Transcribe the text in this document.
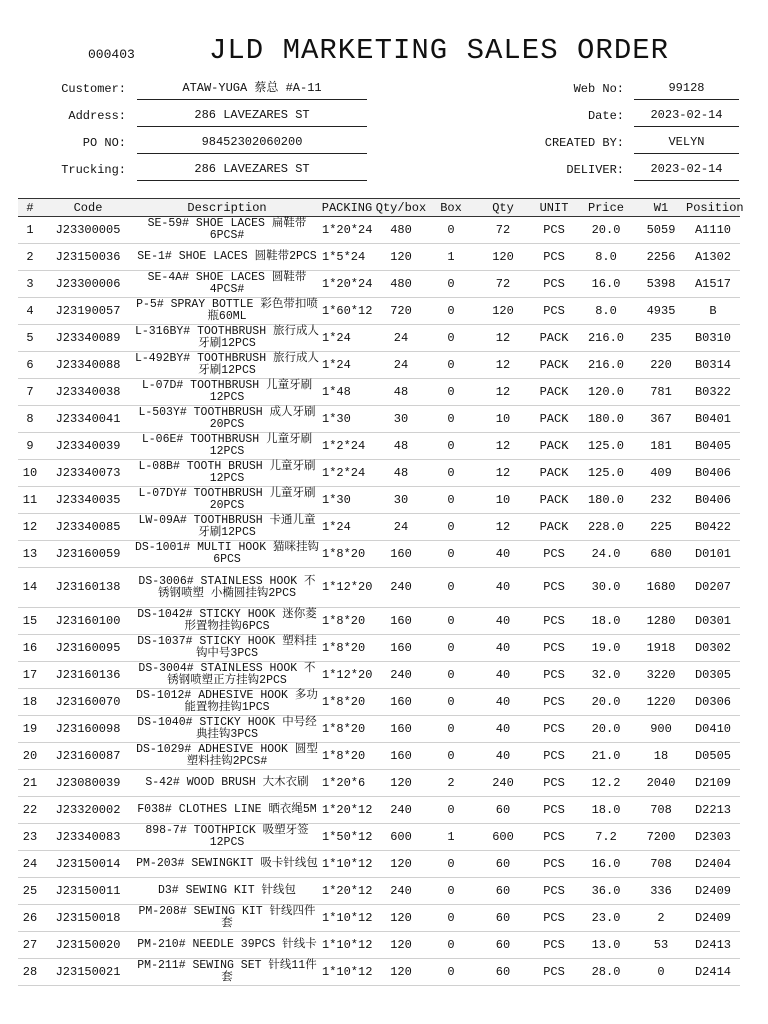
000403	JLD MARKETING SALES ORDER
Customer:	ATAW-YUGA 蔡总 #A-11
Address:	286 LAVEZARES ST
PO NO:	98452302060200
Trucking:	286 LAVEZARES ST
Web No:	99128
Date:	2023-02-14
CREATED BY:	VELYN
DELIVER:	2023-02-14
#	Code	Description	PACKING	Qty/box	Box	Qty	UNIT	Price	W1	Position
1	J23300005	SE-59# SHOE LACES 扁鞋带6PCS#	1*20*24	480	0	72	PCS	20.0	5059	A1110
2	J23150036	SE-1# SHOE LACES 圆鞋带2PCS	1*5*24	120	1	120	PCS	8.0	2256	A1302
3	J23300006	SE-4A# SHOE LACES 圆鞋带4PCS#	1*20*24	480	0	72	PCS	16.0	5398	A1517
4	J23190057	P-5# SPRAY BOTTLE 彩色带扣喷瓶60ML	1*60*12	720	0	120	PCS	8.0	4935	B
5	J23340089	L-316BY# TOOTHBRUSH 旅行成人牙刷12PCS	1*24	24	0	12	PACK	216.0	235	B0310
6	J23340088	L-492BY# TOOTHBRUSH 旅行成人牙刷12PCS	1*24	24	0	12	PACK	216.0	220	B0314
7	J23340038	L-07D# TOOTHBRUSH 儿童牙刷12PCS	1*48	48	0	12	PACK	120.0	781	B0322
8	J23340041	L-503Y# TOOTHBRUSH 成人牙刷20PCS	1*30	30	0	10	PACK	180.0	367	B0401
9	J23340039	L-06E# TOOTHBRUSH 儿童牙刷12PCS	1*2*24	48	0	12	PACK	125.0	181	B0405
10	J23340073	L-08B# TOOTH BRUSH 儿童牙刷12PCS	1*2*24	48	0	12	PACK	125.0	409	B0406
11	J23340035	L-07DY# TOOTHBRUSH 儿童牙刷20PCS	1*30	30	0	10	PACK	180.0	232	B0406
12	J23340085	LW-09A# TOOTHBRUSH 卡通儿童牙刷12PCS	1*24	24	0	12	PACK	228.0	225	B0422
13	J23160059	DS-1001# MULTI HOOK 猫咪挂钩6PCS	1*8*20	160	0	40	PCS	24.0	680	D0101
14	J23160138	DS-3006# STAINLESS HOOK 不锈钢喷塑 小椭圆挂钩2PCS	1*12*20	240	0	40	PCS	30.0	1680	D0207
15	J23160100	DS-1042# STICKY HOOK 迷你菱形置物挂钩6PCS	1*8*20	160	0	40	PCS	18.0	1280	D0301
16	J23160095	DS-1037# STICKY HOOK 塑料挂钩中号3PCS	1*8*20	160	0	40	PCS	19.0	1918	D0302
17	J23160136	DS-3004# STAINLESS HOOK 不锈钢喷塑正方挂钩2PCS	1*12*20	240	0	40	PCS	32.0	3220	D0305
18	J23160070	DS-1012# ADHESIVE HOOK 多功能置物挂钩1PCS	1*8*20	160	0	40	PCS	20.0	1220	D0306
19	J23160098	DS-1040# STICKY HOOK 中号经典挂钩3PCS	1*8*20	160	0	40	PCS	20.0	900	D0410
20	J23160087	DS-1029# ADHESIVE HOOK 圆型塑料挂钩2PCS#	1*8*20	160	0	40	PCS	21.0	18	D0505
21	J23080039	S-42# WOOD BRUSH 大木衣刷	1*20*6	120	2	240	PCS	12.2	2040	D2109
22	J23320002	F038# CLOTHES LINE 晒衣绳5M	1*20*12	240	0	60	PCS	18.0	708	D2213
23	J23340083	898-7# TOOTHPICK 吸塑牙签12PCS	1*50*12	600	1	600	PCS	7.2	7200	D2303
24	J23150014	PM-203# SEWINGKIT 吸卡针线包	1*10*12	120	0	60	PCS	16.0	708	D2404
25	J23150011	D3# SEWING KIT 针线包	1*20*12	240	0	60	PCS	36.0	336	D2409
26	J23150018	PM-208# SEWING KIT 针线四件套	1*10*12	120	0	60	PCS	23.0	2	D2409
27	J23150020	PM-210# NEEDLE 39PCS 针线卡	1*10*12	120	0	60	PCS	13.0	53	D2413
28	J23150021	PM-211# SEWING SET 针线11件套	1*10*12	120	0	60	PCS	28.0	0	D2414
